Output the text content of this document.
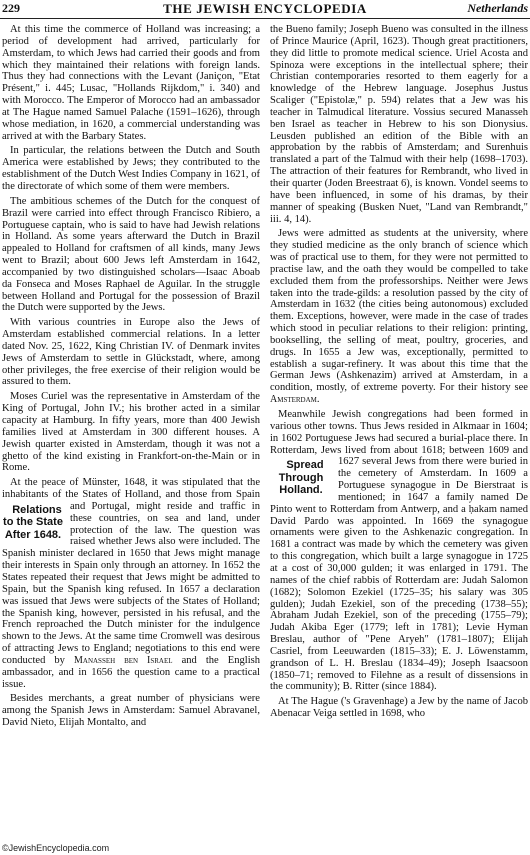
229	THE JEWISH ENCYCLOPEDIA	Netherlands

At this time the commerce of Holland was increasing; a period of development had arrived, particularly for Amsterdam, to which Jews had carried their goods and from which they maintained their relations with foreign lands. Thus they had connections with the Levant (Janiçon, "Etat Présent," i. 445; Lusac, "Hollands Rijkdom," i. 340) and with Morocco. The Emperor of Morocco had an ambassador at The Hague named Samuel Palache (1591–1626), through whose mediation, in 1620, a commercial understanding was arrived at with the Barbary States.

In particular, the relations between the Dutch and South America were established by Jews; they contributed to the establishment of the Dutch West Indies Company in 1621, of the directorate of which some of them were members.

The ambitious schemes of the Dutch for the conquest of Brazil were carried into effect through Francisco Ribiero, a Portuguese captain, who is said to have had Jewish relations in Holland. As some years afterward the Dutch in Brazil appealed to Holland for craftsmen of all kinds, many Jews went to Brazil; about 600 Jews left Amsterdam in 1642, accompanied by two distinguished scholars—Isaac Aboab da Fonseca and Moses Raphael de Aguilar. In the struggle between Holland and Portugal for the possession of Brazil the Dutch were supported by the Jews.

With various countries in Europe also the Jews of Amsterdam established commercial relations. In a letter dated Nov. 25, 1622, King Christian IV. of Denmark invites Jews of Amsterdam to settle in Glückstadt, where, among other privileges, the free exercise of their religion would be assured to them.

Moses Curiel was the representative in Amsterdam of the King of Portugal, John IV.; his brother acted in a similar capacity at Hamburg. In fifty years, more than 400 Jewish families lived at Amsterdam in 300 different houses. A Jewish quarter existed in Amsterdam, though it was not a ghetto of the kind existing in Frankfort-on-the-Main or in Rome.

At the peace of Münster, 1648, it was stipulated that the inhabitants of the States of Holland, and those from Spain and Portugal, might reside and
Relations to the State After 1648.
traffic in these countries, on sea and land, under protection of the law. The question was raised whether Jews also were included. The Spanish minister declared in 1650 that Jews might manage their interests in Spain only through an attorney. In 1652 the States repeated their request that Jews might be admitted to Spain, but the Spanish king refused. In 1657 a declaration was issued that Jews were subjects of the States of Holland; the Spanish king, however, persisted in his refusal, and the French reproached the Dutch minister for the indulgence shown to the Jews. At the same time Cromwell was desirous of attracting Jews to England; negotiations to this end were conducted by Manasseh ben Israel and the English ambassador, and in 1656 the question came to a practical issue.

Besides merchants, a great number of physicians were among the Spanish Jews in Amsterdam: Samuel Abravanel, David Nieto, Elijah Montalto, and

the Bueno family; Joseph Bueno was consulted in the illness of Prince Maurice (April, 1623). Though great practitioners, they did little to promote medical science. Uriel Acosta and Spinoza were exceptions in the intellectual sphere; their Christian contemporaries resorted to them eagerly for a knowledge of the Hebrew language. Josephus Justus Scaliger ("Epistolæ," p. 594) relates that a Jew was his teacher in Talmudical literature. Vossius secured Manasseh ben Israel as teacher in Hebrew to his son Dionysius. Leusden published an edition of the Bible with an approbation by the rabbis of Amsterdam; and Surenhuis translated a part of the Talmud with their help (1698–1703). The attraction of their features for Rembrandt, who lived in their quarter (Joden Breestraat 6), is known. Vondel seems to have been influenced, in some of his dramas, by their manner of speaking (Busken Nuet, "Land van Rembrandt," iii. 4, 14).

Jews were admitted as students at the university, where they studied medicine as the only branch of science which was of practical use to them, for they were not permitted to practise law, and the oath they would be compelled to take excluded them from the professorships. Neither were Jews taken into the trade-gilds: a resolution passed by the city of Amsterdam in 1632 (the cities being autonomous) excluded them. Exceptions, however, were made in the case of trades which stood in peculiar relations to their religion: printing, bookselling, the selling of meat, poultry, groceries, and drugs. In 1655 a Jew was, exceptionally, permitted to establish a sugar-refinery. It was about this time that the German Jews (Ashkenazim) arrived at Amsterdam, in a condition, mostly, of extreme poverty. For their history see Amsterdam.

Meanwhile Jewish congregations had been formed in various other towns. Thus Jews resided in Alkmaar in 1604; in 1602 Portuguese Jews had secured a burial-place there. In Rotterdam, Jews lived from about 1618; between 1609 and 1627 several Jews from there were buried in
Spread Through Holland.
the cemetery of Amsterdam. In 1609 a Portuguese synagogue in De Bierstraat is mentioned; in 1647 a family named De Pinto went to Rotterdam from Antwerp, and a ḥakam named David Pardo was appointed. In 1669 the synagogue ornaments were given to the Ashkenazic congregation. In 1681 a contract was made by which the cemetery was given to this congregation, which built a large synagogue in 1725 at a cost of 30,000 gulden; it was enlarged in 1791. The names of the chief rabbis of Rotterdam are: Judah Salomon (1682); Solomon Ezekiel (1725–35; his salary was 305 gulden); Judah Ezekiel, son of the preceding (1738–55); Abraham Judah Ezekiel, son of the preceding (1755–79); Judah Akiba Eger (1779; left in 1781); Levie Hyman Breslau, author of "Pene Aryeh" (1781–1807); Elijah Casriel, from Leeuwarden (1815–33); E. J. Löwenstamm, grandson of L. H. Breslau (1834–49); Joseph Isaacsoon (1850–71; removed to Filehne as a result of dissensions in the community); B. Ritter (since 1884).

At The Hague ('s Gravenhage) a Jew by the name of Jacob Abenacar Veiga settled in 1698, who

©JewishEncyclopedia.com
